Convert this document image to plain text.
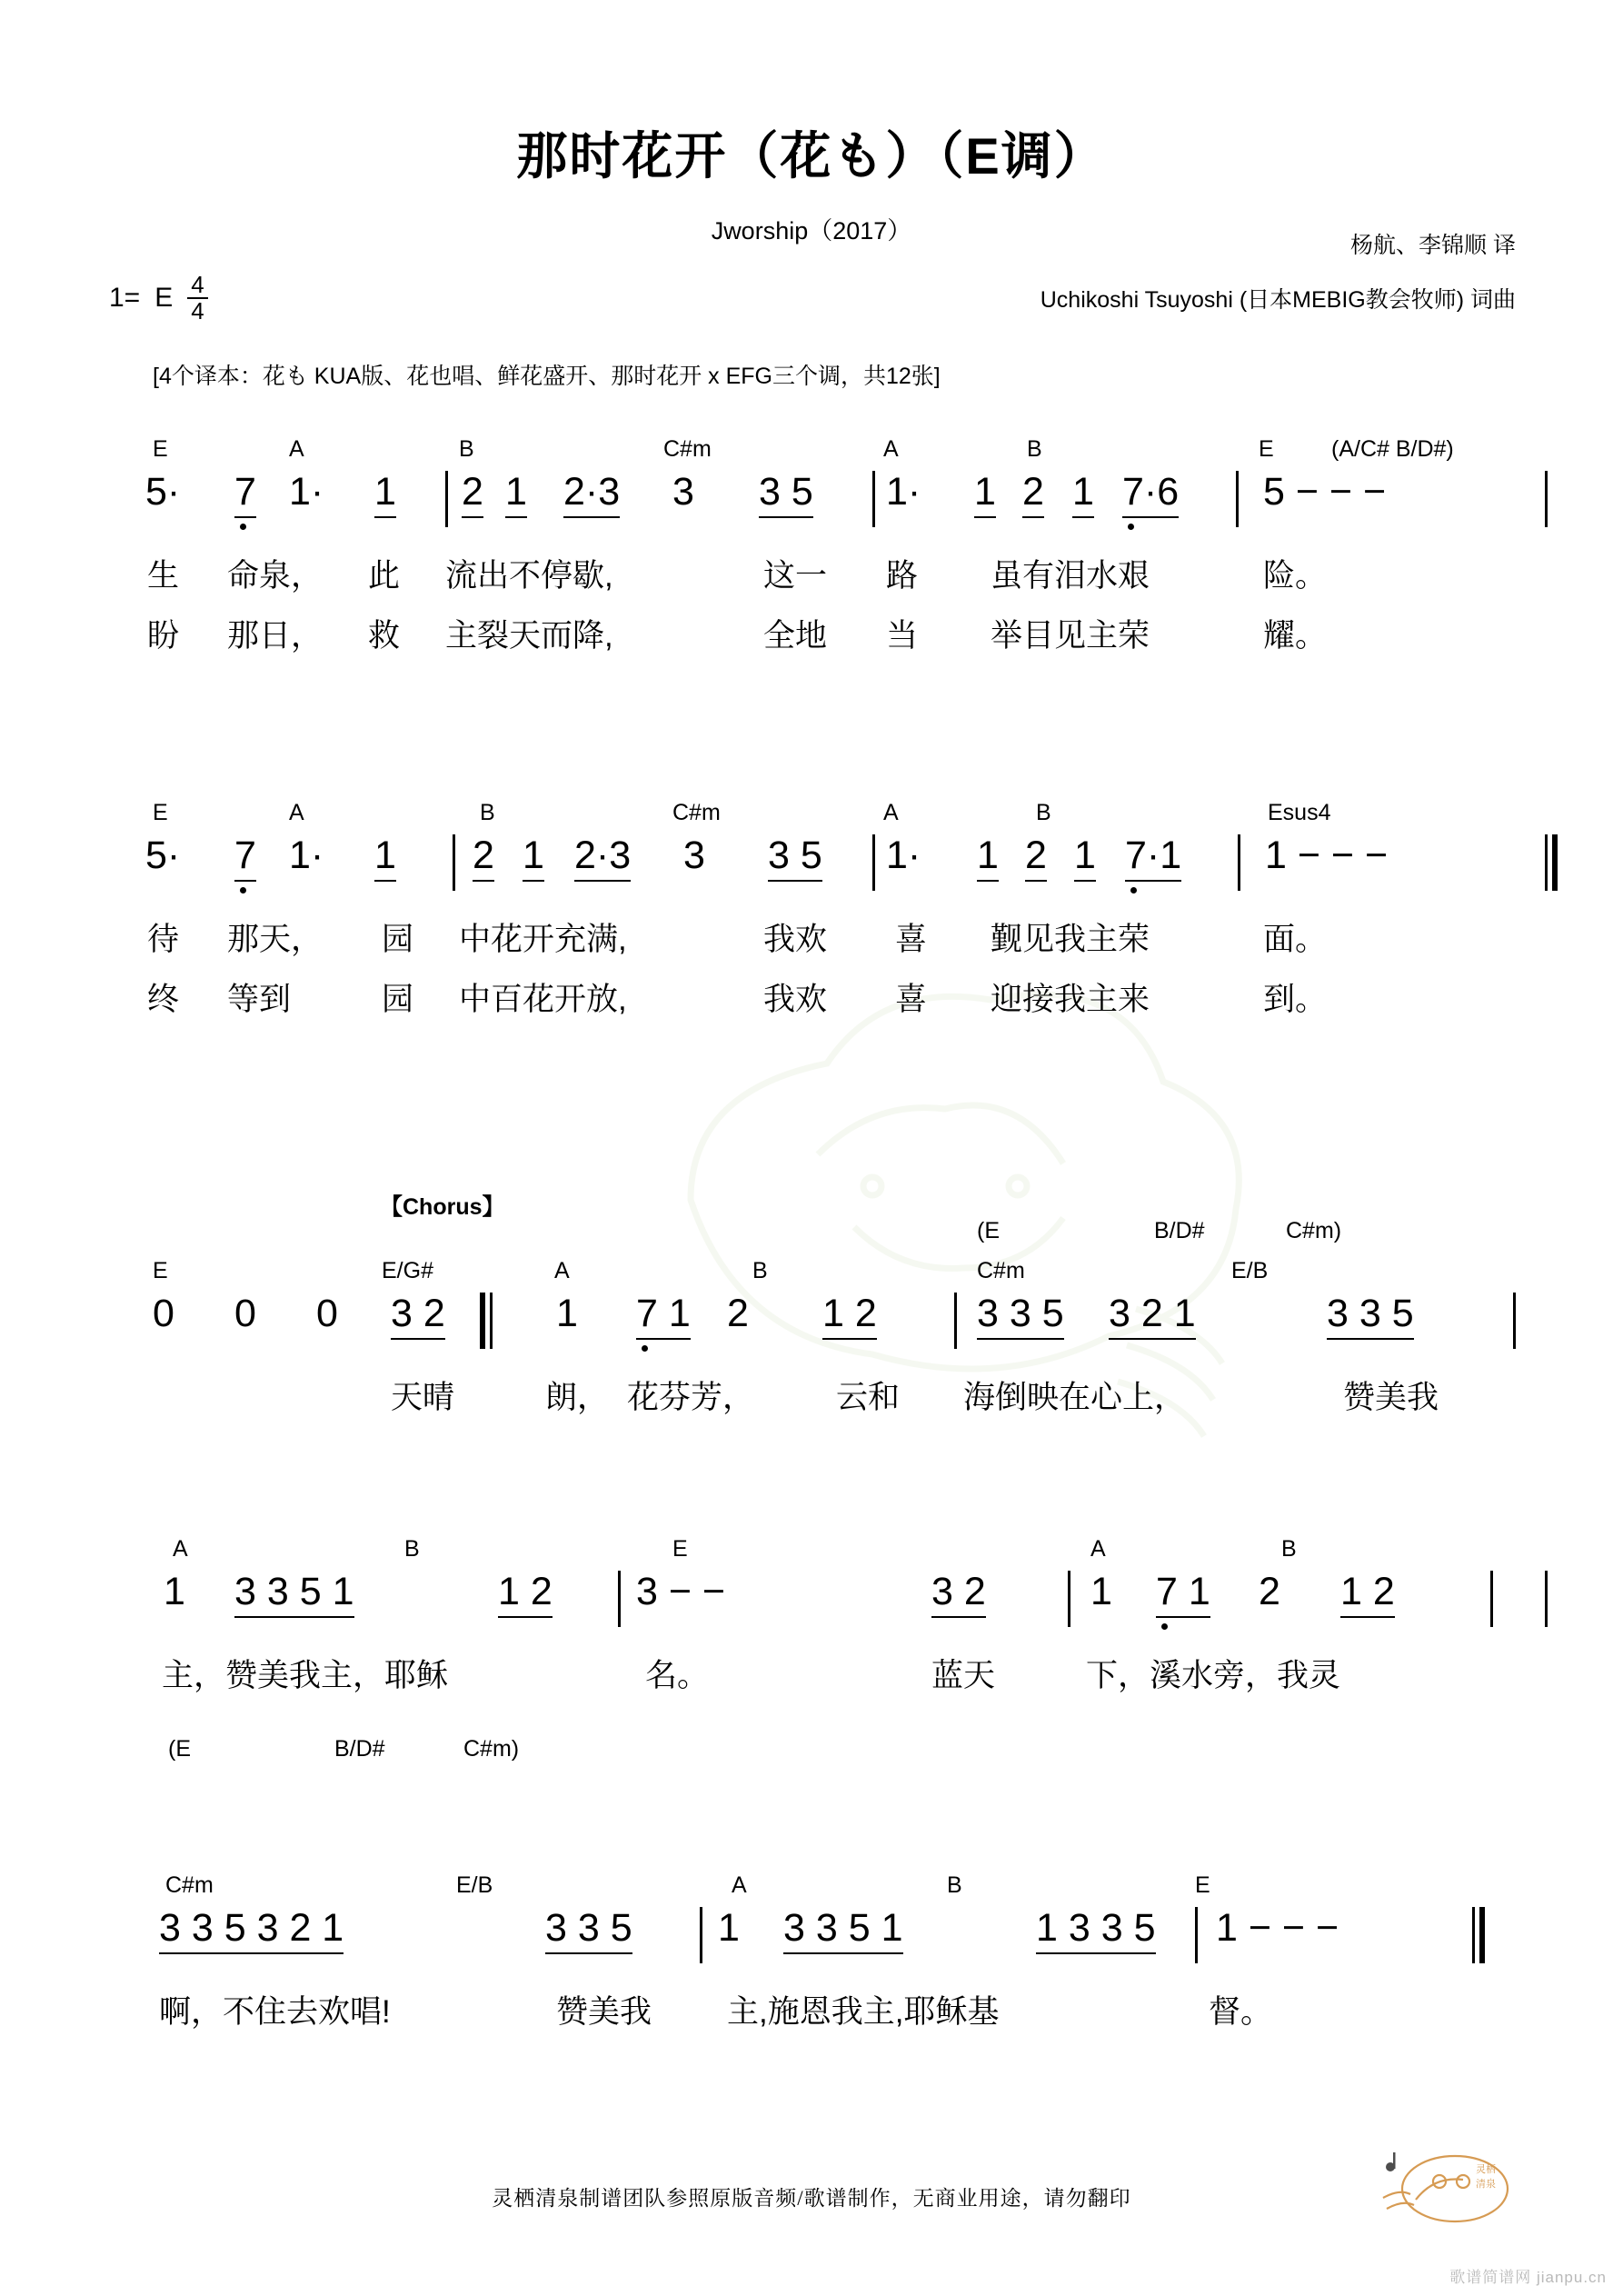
那时花开（花も）（E调）
Jworship（2017）
杨航、李锦顺 译
Uchikoshi Tsuyoshi (日本MEBIG教会牧师) 词曲
1= E $\frac{4}{4}$
[4个译本：花も KUA版、花也唱、鲜花盛开、那时花开 x EFG三个调，共12张]
E	A	B	C#m	A	B	E	(A/C# B/D#)
5· 7 1· 1 2 1 2·3 3 3 5 1· 1 2 1 7·6 5 − − −
生 命泉， 此 流出不停歇,	这一 路 虽有泪水艰	险。
盼 那日， 救 主裂天而降,	全地 当 举目见主荣	耀。
E	A	B	C#m	A	B	Esus4
5· 7 1· 1 2 1 2·3 3 3 5 1· 1 2 1 7·1 1 − − −
待 那天， 园 中花开充满,	我欢 喜 觐见我主荣	面。
终 等到	园 中百花开放,	我欢 喜 迎接我主来	到。
(E	B/D#	C#m)
E	E/G#	A	B	C#m	E/B
0 0 0 3 2	1 7 1 2 1 2	3 3 5 3 2 1	3 3 5
天晴	朗， 花芬芳，	云和 海倒映在心上，	赞美我
A	B	E	A	B
1 3 3 5 1	1 2 3 − −	3 2	1 7 1 2 1 2
主，赞美我主，耶稣	名。	蓝天	下，溪水旁，我灵
(E	B/D#	C#m)
C#m	E/B	A	B	E
3 3 5 3 2 1	3 3 5 1 3 3 5 1	1 3 3 5 1 − − −
啊，不住去欢唱!	赞美我 主,施恩我主,耶稣基	督。
【Chorus】
灵栖清泉制谱团队参照原版音频/歌谱制作，无商业用途，请勿翻印
灵栖
清泉
歌谱简谱网 jianpu.cn
